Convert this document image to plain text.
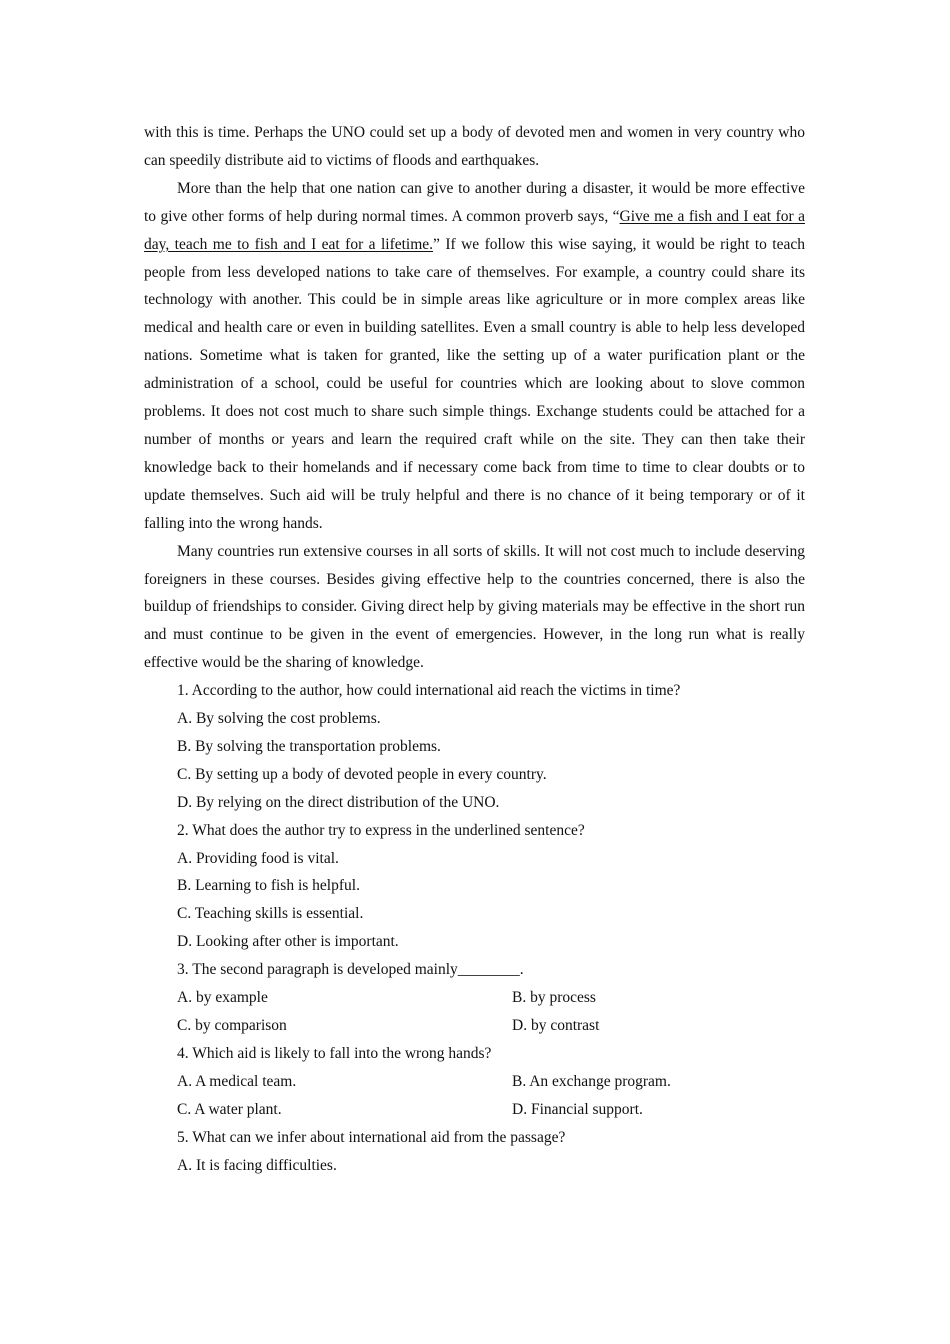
with this is time. Perhaps the UNO could set up a body of devoted men and women in very country who can speedily distribute aid to victims of floods and earthquakes.

More than the help that one nation can give to another during a disaster, it would be more effective to give other forms of help during normal times. A common proverb says, “Give me a fish and I eat for a day, teach me to fish and I eat for a lifetime.” If we follow this wise saying, it would be right to teach people from less developed nations to take care of themselves. For example, a country could share its technology with another. This could be in simple areas like agriculture or in more complex areas like medical and health care or even in building satellites. Even a small country is able to help less developed nations. Sometime what is taken for granted, like the setting up of a water purification plant or the administration of a school, could be useful for countries which are looking about to slove common problems. It does not cost much to share such simple things. Exchange students could be attached for a number of months or years and learn the required craft while on the site. They can then take their knowledge back to their homelands and if necessary come back from time to time to clear doubts or to update themselves. Such aid will be truly helpful and there is no chance of it being temporary or of it falling into the wrong hands.

Many countries run extensive courses in all sorts of skills. It will not cost much to include deserving foreigners in these courses. Besides giving effective help to the countries concerned, there is also the buildup of friendships to consider. Giving direct help by giving materials may be effective in the short run and must continue to be given in the event of emergencies. However, in the long run what is really effective would be the sharing of knowledge.

1. According to the author, how could international aid reach the victims in time?

A. By solving the cost problems.

B. By solving the transportation problems.

C. By setting up a body of devoted people in every country.

D. By relying on the direct distribution of the UNO.

2. What does the author try to express in the underlined sentence?

A. Providing food is vital.

B. Learning to fish is helpful.

C. Teaching skills is essential.

D. Looking after other is important.

3. The second paragraph is developed mainly________.

A. by example	B. by process
C. by comparison	D. by contrast

4. Which aid is likely to fall into the wrong hands?

A. A medical team.	B. An exchange program.
C. A water plant.	D. Financial support.

5. What can we infer about international aid from the passage?

A. It is facing difficulties.
